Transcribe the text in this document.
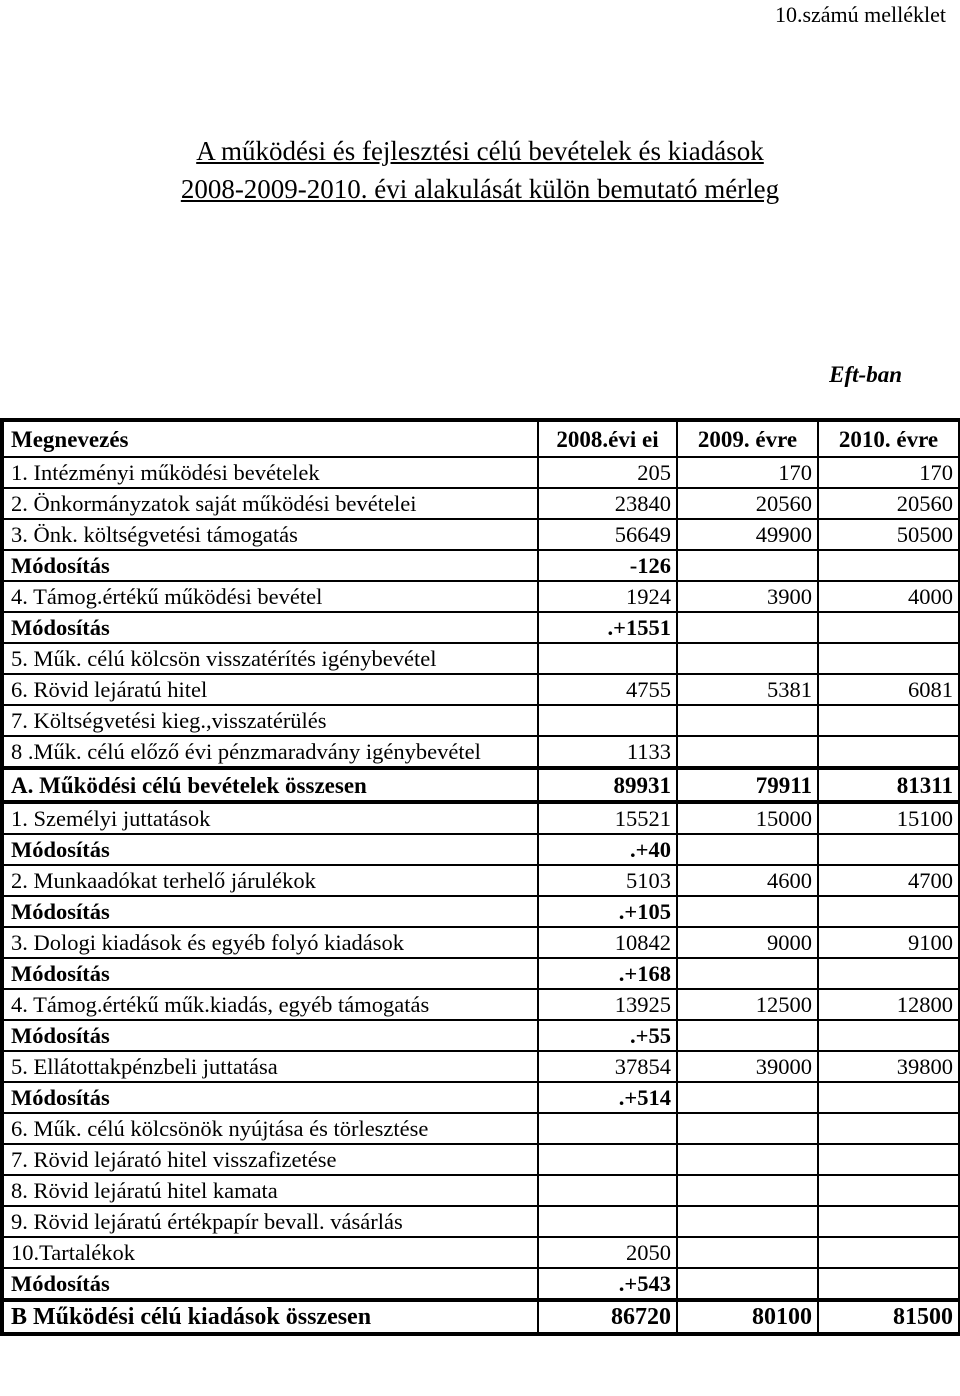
10.számú melléklet
A működési és fejlesztési célú bevételek és kiadások
2008-2009-2010. évi alakulását külön bemutató mérleg
Eft-ban
Megnevezés	2008.évi ei	2009. évre	2010. évre
1. Intézményi működési bevételek	205	170	170
2. Önkormányzatok saját működési bevételei	23840	20560	20560
3. Önk. költségvetési támogatás	56649	49900	50500
Módosítás	-126		
4. Támog.értékű működési bevétel	1924	3900	4000
Módosítás	.+1551		
5. Műk. célú kölcsön visszatérítés igénybevétel			
6. Rövid lejáratú hitel	4755	5381	6081
7. Költségvetési kieg.,visszatérülés			
8 .Műk. célú előző évi pénzmaradvány igénybevétel	1133		
A. Működési célú bevételek összesen	89931	79911	81311
1. Személyi juttatások	15521	15000	15100
Módosítás	.+40		
2. Munkaadókat terhelő járulékok	5103	4600	4700
Módosítás	.+105		
3. Dologi kiadások és egyéb folyó kiadások	10842	9000	9100
Módosítás	.+168		
4. Támog.értékű műk.kiadás, egyéb támogatás	13925	12500	12800
Módosítás	.+55		
5. Ellátottakpénzbeli juttatása	37854	39000	39800
Módosítás	.+514		
6. Műk. célú kölcsönök nyújtása és törlesztése			
7. Rövid lejárató hitel visszafizetése			
8. Rövid lejáratú hitel kamata			
9. Rövid lejáratú értékpapír bevall. vásárlás			
10.Tartalékok	2050		
Módosítás	.+543		
B Működési célú kiadások összesen	86720	80100	81500
